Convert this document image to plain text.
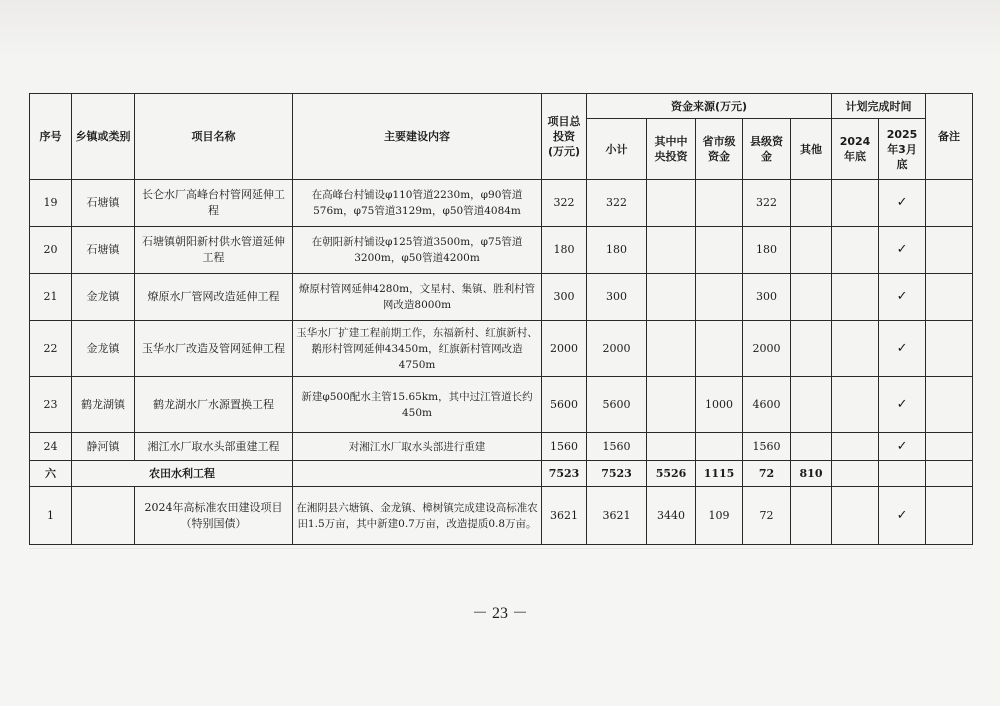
序号	乡镇或类别	项目名称	主要建设内容	项目总投资(万元)	资金来源(万元)					计划完成时间		备注
					小计	其中中央投资	省市级资金	县级资金	其他	2024年底	2025年3月底	
19	石塘镇	长仑水厂高峰台村管网延伸工程	在高峰台村铺设φ110管道2230m，φ90管道576m，φ75管道3129m，φ50管道4084m	322	322			322			✓	
20	石塘镇	石塘镇朝阳新村供水管道延伸工程	在朝阳新村铺设φ125管道3500m，φ75管道3200m，φ50管道4200m	180	180			180			✓	
21	金龙镇	燎原水厂管网改造延伸工程	燎原村管网延伸4280m，文星村、集镇、胜利村管网改造8000m	300	300			300			✓	
22	金龙镇	玉华水厂改造及管网延伸工程	玉华水厂扩建工程前期工作，东福新村、红旗新村、鹅形村管网延伸43450m，红旗新村管网改造4750m	2000	2000			2000			✓	
23	鹤龙湖镇	鹤龙湖水厂水源置换工程	新建φ500配水主管15.65km，其中过江管道长约450m	5600	5600		1000	4600			✓	
24	静河镇	湘江水厂取水头部重建工程	对湘江水厂取水头部进行重建	1560	1560			1560			✓	
六	农田水利工程			7523	7523	5526	1115	72	810			
1		2024年高标准农田建设项目（特别国债）	在湘阴县六塘镇、金龙镇、樟树镇完成建设高标准农田1.5万亩，其中新建0.7万亩，改造提质0.8万亩。	3621	3621	3440	109	72			✓	
－ 23 －
